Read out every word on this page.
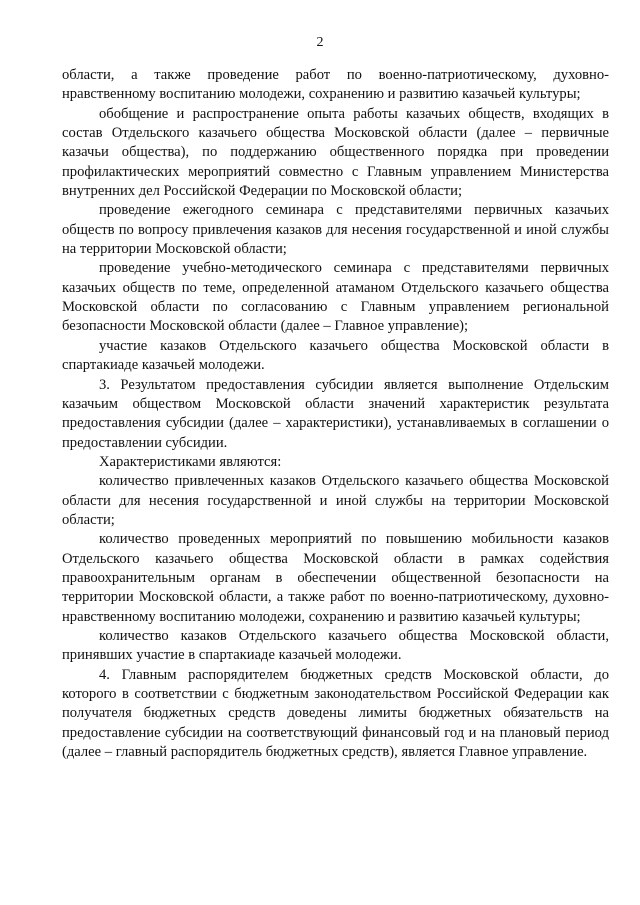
2

области, а также проведение работ по военно-патриотическому, духовно-нравственному воспитанию молодежи, сохранению и развитию казачьей культуры;

обобщение и распространение опыта работы казачьих обществ, входящих в состав Отдельского казачьего общества Московской области (далее – первичные казачьи общества), по поддержанию общественного порядка при проведении профилактических мероприятий совместно с Главным управлением Министерства внутренних дел Российской Федерации по Московской области;

проведение ежегодного семинара с представителями первичных казачьих обществ по вопросу привлечения казаков для несения государственной и иной службы на территории Московской области;

проведение учебно-методического семинара с представителями первичных казачьих обществ по теме, определенной атаманом Отдельского казачьего общества Московской области по согласованию с Главным управлением региональной безопасности Московской области (далее – Главное управление);

участие казаков Отдельского казачьего общества Московской области в спартакиаде казачьей молодежи.

3. Результатом предоставления субсидии является выполнение Отдельским казачьим обществом Московской области значений характеристик результата предоставления субсидии (далее – характеристики), устанавливаемых в соглашении о предоставлении субсидии.

Характеристиками являются:

количество привлеченных казаков Отдельского казачьего общества Московской области для несения государственной и иной службы на территории Московской области;

количество проведенных мероприятий по повышению мобильности казаков Отдельского казачьего общества Московской области в рамках содействия правоохранительным органам в обеспечении общественной безопасности на территории Московской области, а также работ по военно-патриотическому, духовно-нравственному воспитанию молодежи, сохранению и развитию казачьей культуры;

количество казаков Отдельского казачьего общества Московской области, принявших участие в спартакиаде казачьей молодежи.

4. Главным распорядителем бюджетных средств Московской области, до которого в соответствии с бюджетным законодательством Российской Федерации как получателя бюджетных средств доведены лимиты бюджетных обязательств на предоставление субсидии на соответствующий финансовый год и на плановый период (далее – главный распорядитель бюджетных средств), является Главное управление.
